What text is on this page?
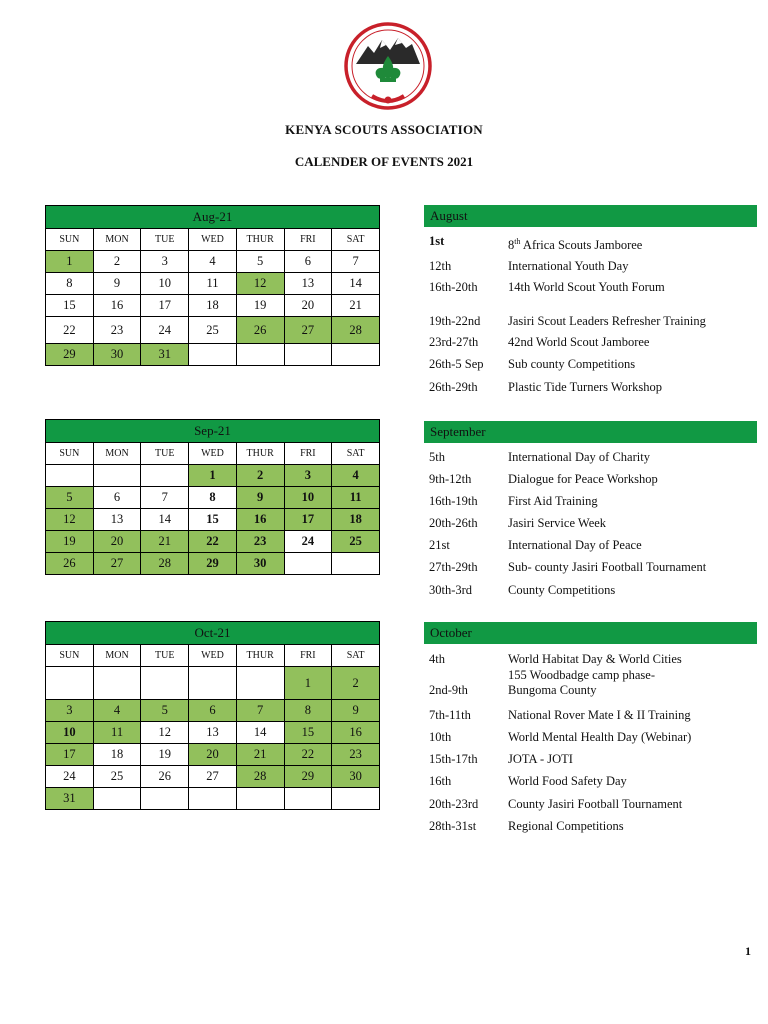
KENYA SCOUTS ASSOCIATION
CALENDER OF EVENTS 2021
Aug-21						
SUN	MON	TUE	WED	THUR	FRI	SAT
1	2	3	4	5	6	7
8	9	10	11	12	13	14
15	16	17	18	19	20	21
22	23	24	25	26	27	28
29	30	31				
Sep-21						
SUN	MON	TUE	WED	THUR	FRI	SAT
			1	2	3	4
5	6	7	8	9	10	11
12	13	14	15	16	17	18
19	20	21	22	23	24	25
26	27	28	29	30		
Oct-21						
SUN	MON	TUE	WED	THUR	FRI	SAT
					1	2
3	4	5	6	7	8	9
10	11	12	13	14	15	16
17	18	19	20	21	22	23
24	25	26	27	28	29	30
31						
August
1st	8th Africa Scouts Jamboree
12th	International Youth Day
16th-20th	14th World Scout Youth Forum
19th-22nd	Jasiri Scout Leaders Refresher Training
23rd-27th	42nd World Scout Jamboree
26th-5 Sep	Sub county Competitions
26th-29th	Plastic Tide Turners Workshop
September
5th	International Day of Charity
9th-12th	Dialogue for Peace Workshop
16th-19th	First Aid Training
20th-26th	Jasiri Service Week
21st	International Day of Peace
27th-29th	Sub- county Jasiri Football Tournament
30th-3rd	County Competitions
October
4th	World Habitat Day & World Cities
155 Woodbadge camp phase-
2nd-9th	Bungoma County
7th-11th	National Rover Mate I & II Training
10th	World Mental Health Day (Webinar)
15th-17th	JOTA - JOTI
16th	World Food Safety Day
20th-23rd	County Jasiri Football Tournament
28th-31st	Regional Competitions
1
